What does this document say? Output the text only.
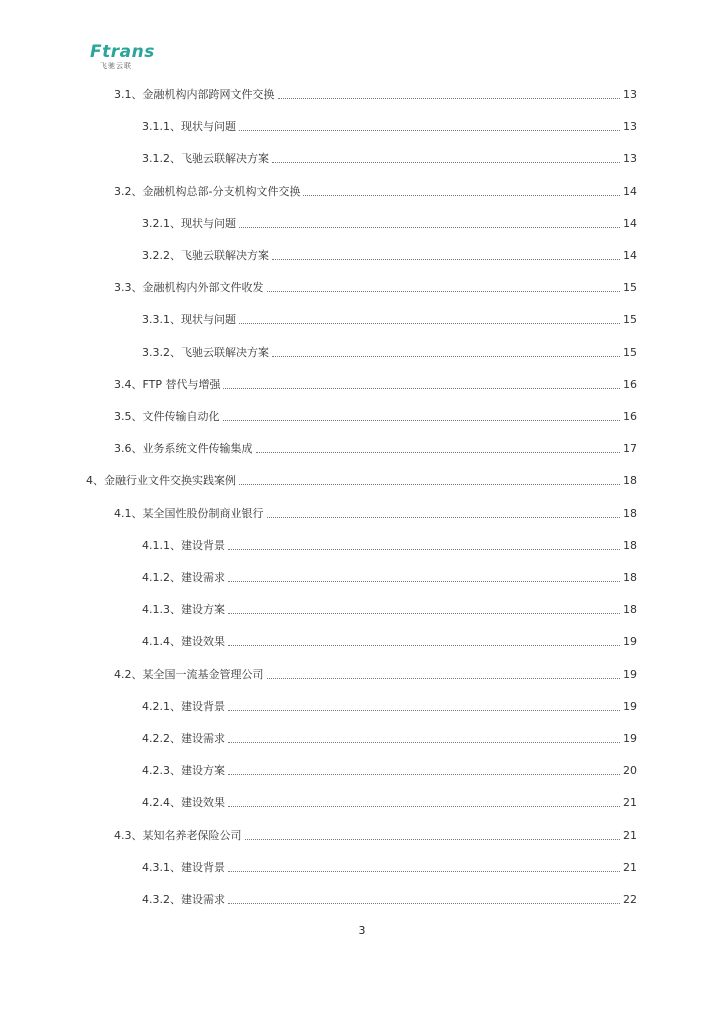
Ftrans
飞驰云联
3.1、金融机构内部跨网文件交换	13
3.1.1、现状与问题	13
3.1.2、飞驰云联解决方案	13
3.2、金融机构总部-分支机构文件交换	14
3.2.1、现状与问题	14
3.2.2、飞驰云联解决方案	14
3.3、金融机构内外部文件收发	15
3.3.1、现状与问题	15
3.3.2、飞驰云联解决方案	15
3.4、FTP 替代与增强	16
3.5、文件传输自动化	16
3.6、业务系统文件传输集成	17
4、金融行业文件交换实践案例	18
4.1、某全国性股份制商业银行	18
4.1.1、建设背景	18
4.1.2、建设需求	18
4.1.3、建设方案	18
4.1.4、建设效果	19
4.2、某全国一流基金管理公司	19
4.2.1、建设背景	19
4.2.2、建设需求	19
4.2.3、建设方案	20
4.2.4、建设效果	21
4.3、某知名养老保险公司	21
4.3.1、建设背景	21
4.3.2、建设需求	22
3
